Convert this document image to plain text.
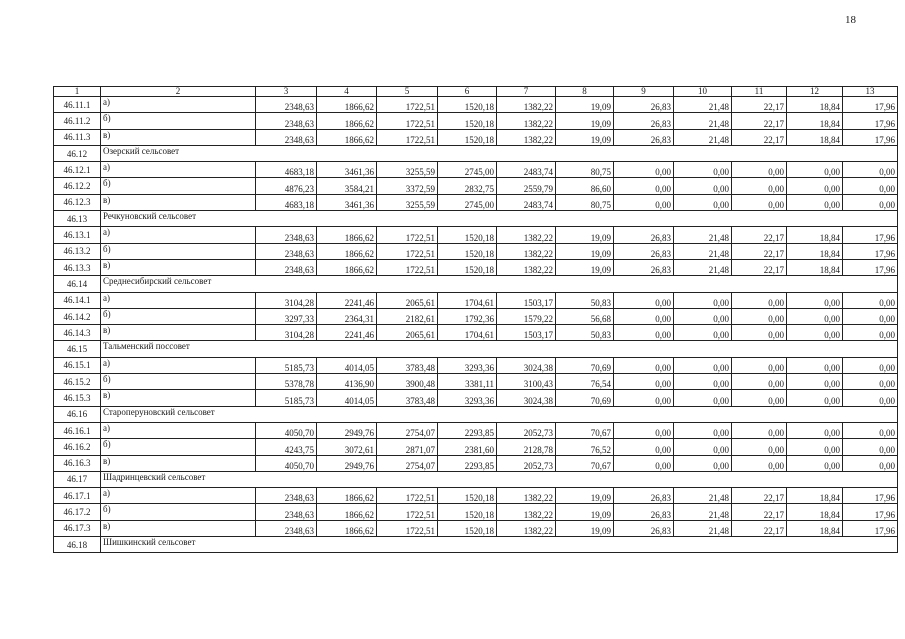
18
1	2	3	4	5	6	7	8	9	10	11	12	13
46.11.1	а)	2348,63	1866,62	1722,51	1520,18	1382,22	19,09	26,83	21,48	22,17	18,84	17,96
46.11.2	б)	2348,63	1866,62	1722,51	1520,18	1382,22	19,09	26,83	21,48	22,17	18,84	17,96
46.11.3	в)	2348,63	1866,62	1722,51	1520,18	1382,22	19,09	26,83	21,48	22,17	18,84	17,96
46.12	Озерский сельсовет											
46.12.1	а)	4683,18	3461,36	3255,59	2745,00	2483,74	80,75	0,00	0,00	0,00	0,00	0,00
46.12.2	б)	4876,23	3584,21	3372,59	2832,75	2559,79	86,60	0,00	0,00	0,00	0,00	0,00
46.12.3	в)	4683,18	3461,36	3255,59	2745,00	2483,74	80,75	0,00	0,00	0,00	0,00	0,00
46.13	Речкуновский сельсовет											
46.13.1	а)	2348,63	1866,62	1722,51	1520,18	1382,22	19,09	26,83	21,48	22,17	18,84	17,96
46.13.2	б)	2348,63	1866,62	1722,51	1520,18	1382,22	19,09	26,83	21,48	22,17	18,84	17,96
46.13.3	в)	2348,63	1866,62	1722,51	1520,18	1382,22	19,09	26,83	21,48	22,17	18,84	17,96
46.14	Среднесибирский сельсовет											
46.14.1	а)	3104,28	2241,46	2065,61	1704,61	1503,17	50,83	0,00	0,00	0,00	0,00	0,00
46.14.2	б)	3297,33	2364,31	2182,61	1792,36	1579,22	56,68	0,00	0,00	0,00	0,00	0,00
46.14.3	в)	3104,28	2241,46	2065,61	1704,61	1503,17	50,83	0,00	0,00	0,00	0,00	0,00
46.15	Тальменский поссовет											
46.15.1	а)	5185,73	4014,05	3783,48	3293,36	3024,38	70,69	0,00	0,00	0,00	0,00	0,00
46.15.2	б)	5378,78	4136,90	3900,48	3381,11	3100,43	76,54	0,00	0,00	0,00	0,00	0,00
46.15.3	в)	5185,73	4014,05	3783,48	3293,36	3024,38	70,69	0,00	0,00	0,00	0,00	0,00
46.16	Староперуновский сельсовет											
46.16.1	а)	4050,70	2949,76	2754,07	2293,85	2052,73	70,67	0,00	0,00	0,00	0,00	0,00
46.16.2	б)	4243,75	3072,61	2871,07	2381,60	2128,78	76,52	0,00	0,00	0,00	0,00	0,00
46.16.3	в)	4050,70	2949,76	2754,07	2293,85	2052,73	70,67	0,00	0,00	0,00	0,00	0,00
46.17	Шадринцевский сельсовет											
46.17.1	а)	2348,63	1866,62	1722,51	1520,18	1382,22	19,09	26,83	21,48	22,17	18,84	17,96
46.17.2	б)	2348,63	1866,62	1722,51	1520,18	1382,22	19,09	26,83	21,48	22,17	18,84	17,96
46.17.3	в)	2348,63	1866,62	1722,51	1520,18	1382,22	19,09	26,83	21,48	22,17	18,84	17,96
46.18	Шишкинский сельсовет											
